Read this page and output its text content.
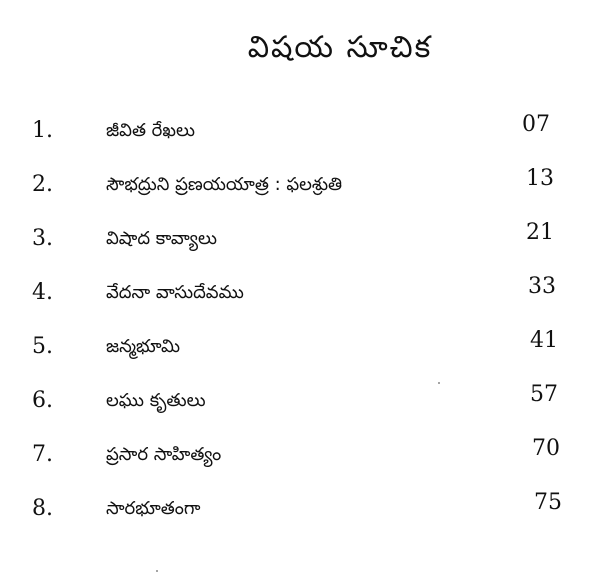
విషయ సూచిక
1.	జీవిత రేఖలు	07
2.	సౌభద్రుని ప్రణయయాత్ర : ఫలశ్రుతి	13
3.	విషాద కావ్యాలు	21
4.	వేదనా వాసుదేవము	33
5.	జన్మభూమి	41
6.	లఘు కృతులు	57
7.	ప్రసార సాహిత్యం	70
8.	సారభూతంగా	75
